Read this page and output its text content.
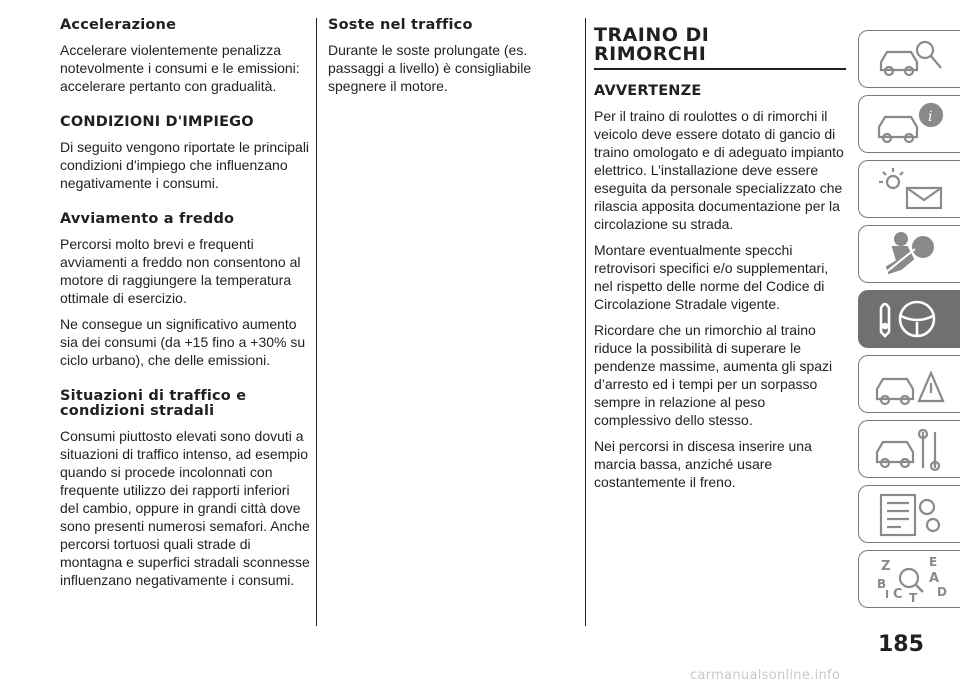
Accelerazione
Accelerare violentemente penalizza notevolmente i consumi e le emissioni: accelerare pertanto con gradualità.
CONDIZIONI D'IMPIEGO
Di seguito vengono riportate le principali condizioni d'impiego che influenzano negativamente i consumi.
Avviamento a freddo
Percorsi molto brevi e frequenti avviamenti a freddo non consentono al motore di raggiungere la temperatura ottimale di esercizio.
Ne consegue un significativo aumento sia dei consumi (da +15 fino a +30% su ciclo urbano), che delle emissioni.
Situazioni di traffico e condizioni stradali
Consumi piuttosto elevati sono dovuti a situazioni di traffico intenso, ad esempio quando si procede incolonnati con frequente utilizzo dei rapporti inferiori del cambio, oppure in grandi città dove sono presenti numerosi semafori. Anche percorsi tortuosi quali strade di montagna e superfici stradali sconnesse influenzano negativamente i consumi.
Soste nel traffico
Durante le soste prolungate (es. passaggi a livello) è consigliabile spegnere il motore.
TRAINO DI
RIMORCHI
AVVERTENZE
Per il traino di roulottes o di rimorchi il veicolo deve essere dotato di gancio di traino omologato e di adeguato impianto elettrico. L’installazione deve essere eseguita da personale specializzato che rilascia apposita documentazione per la circolazione su strada.
Montare eventualmente specchi retrovisori specifici e/o supplementari, nel rispetto delle norme del Codice di Circolazione Stradale vigente.
Ricordare che un rimorchio al traino riduce la possibilità di superare le pendenze massime, aumenta gli spazi d’arresto ed i tempi per un sorpasso sempre in relazione al peso complessivo dello stesso.
Nei percorsi in discesa inserire una marcia bassa, anziché usare costantemente il freno.
i
Z	E
A
B
C	D
T
I
185
carmanualsonline.info
